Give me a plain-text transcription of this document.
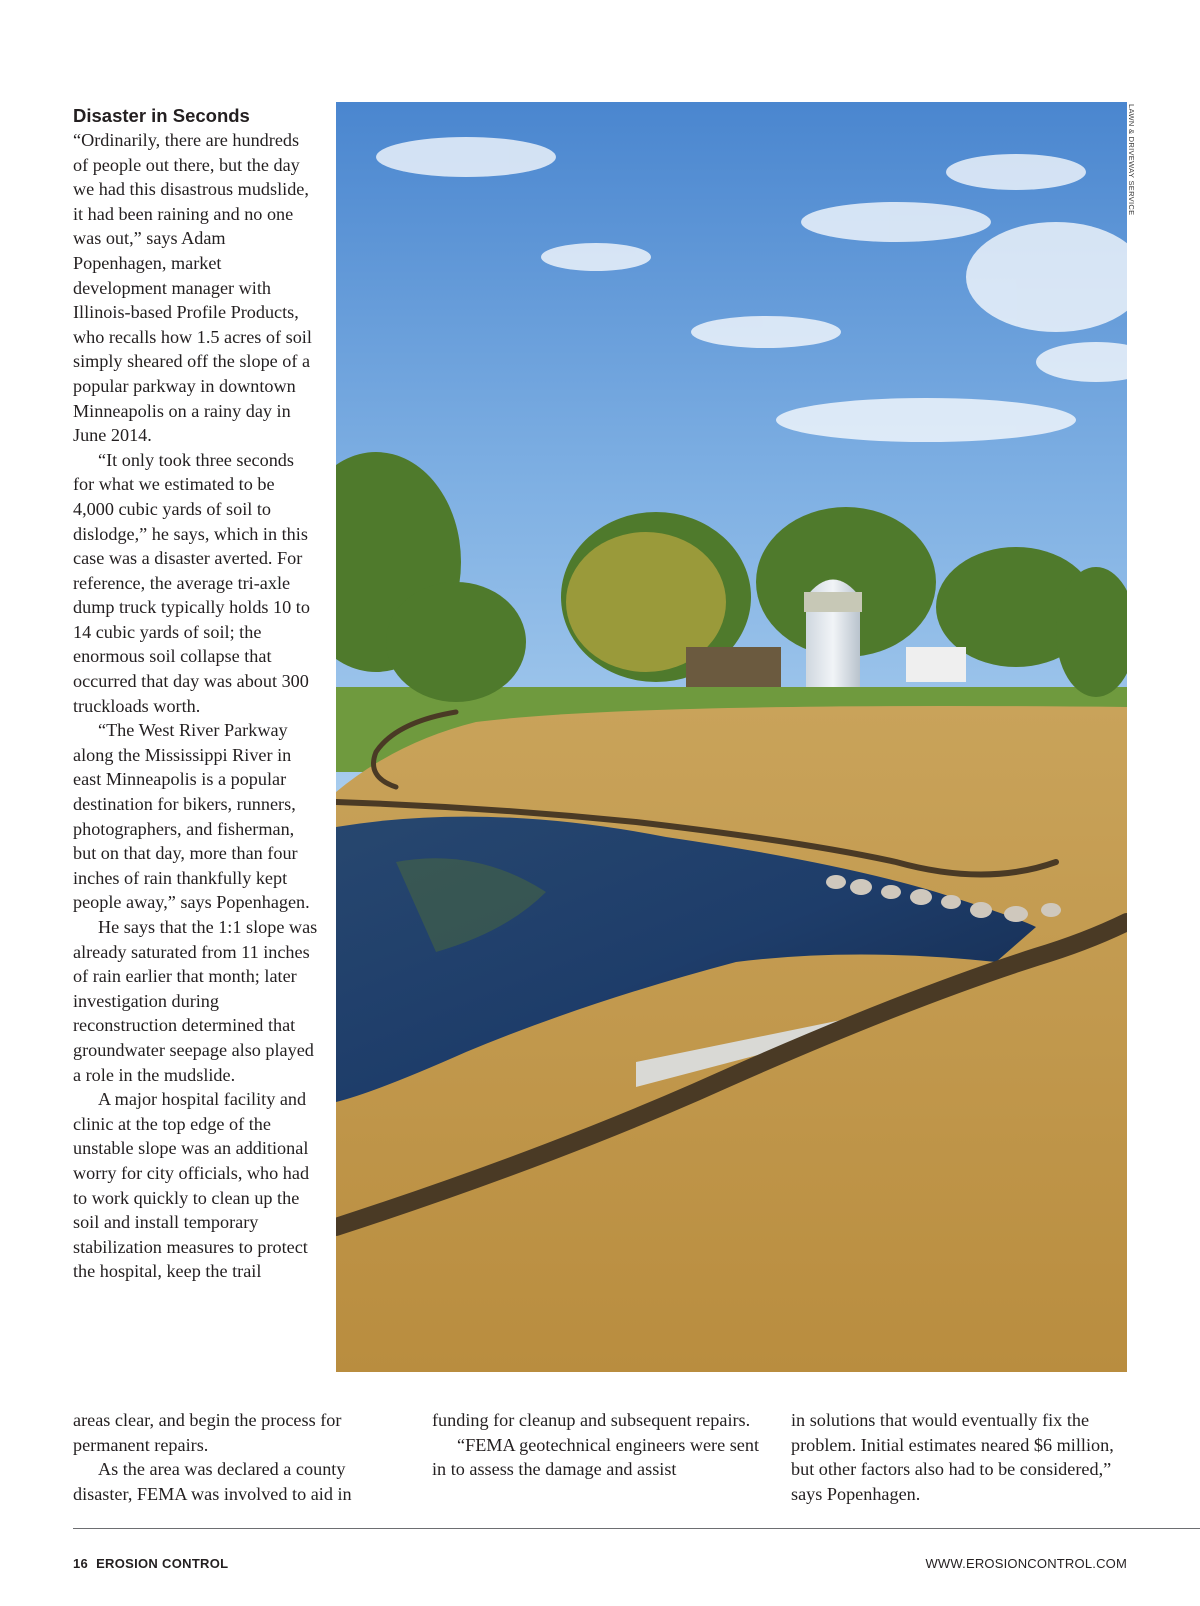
Disaster in Seconds

“Ordinarily, there are hundreds of people out there, but the day we had this disastrous mudslide, it had been raining and no one was out,” says Adam Popenhagen, market development manager with Illinois-based Profile Products, who recalls how 1.5 acres of soil simply sheared off the slope of a popular parkway in downtown Minneapolis on a rainy day in June 2014.

“It only took three seconds for what we estimated to be 4,000 cubic yards of soil to dislodge,” he says, which in this case was a disaster averted. For reference, the average tri-axle dump truck typically holds 10 to 14 cubic yards of soil; the enormous soil collapse that occurred that day was about 300 truckloads worth.

“The West River Parkway along the Mississippi River in east Minneapolis is a popular destination for bikers, runners, photographers, and fisherman, but on that day, more than four inches of rain thankfully kept people away,” says Popenhagen.

He says that the 1:1 slope was already saturated from 11 inches of rain earlier that month; later investigation during reconstruction determined that groundwater seepage also played a role in the mudslide.

A major hospital facility and clinic at the top edge of the unstable slope was an additional worry for city officials, who had to work quickly to clean up the soil and install temporary stabilization measures to protect the hospital, keep the trail

LAWN & DRIVEWAY SERVICE

areas clear, and begin the process for permanent repairs.

As the area was declared a county disaster, FEMA was involved to aid in

funding for cleanup and subsequent repairs.

“FEMA geotechnical engineers were sent in to assess the damage and assist

in solutions that would eventually fix the problem. Initial estimates neared $6 million, but other factors also had to be considered,” says Popenhagen.

16 EROSION CONTROL	WWW.EROSIONCONTROL.COM
